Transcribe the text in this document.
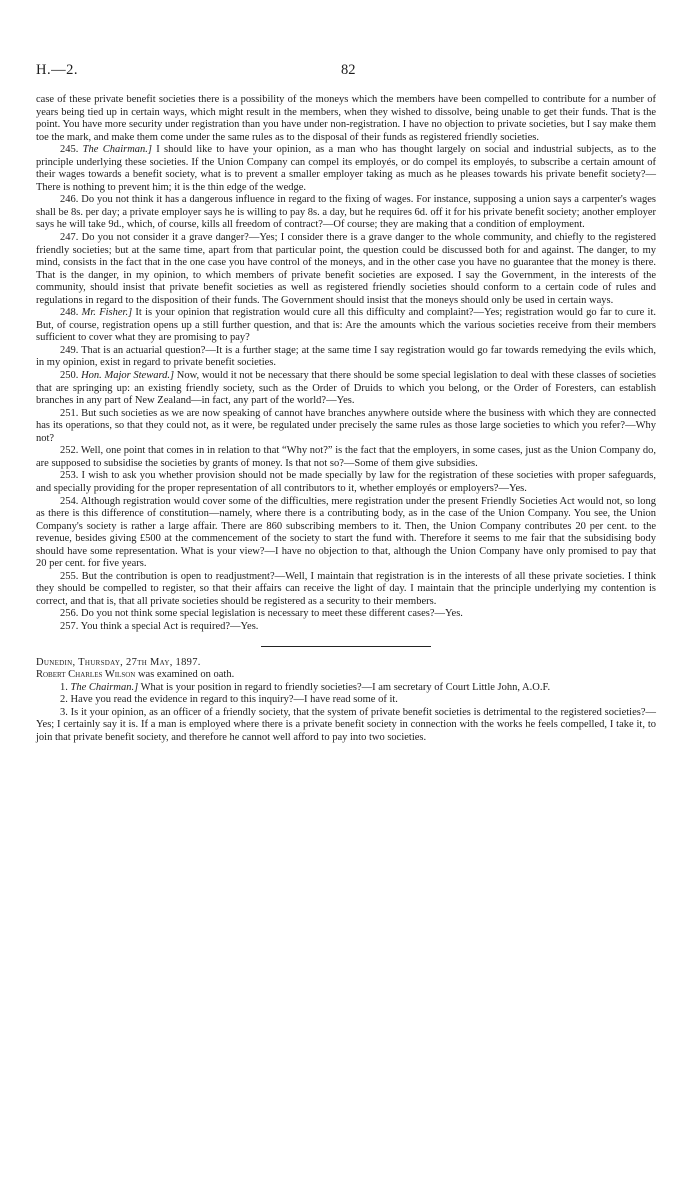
H.—2.	82

case of these private benefit societies there is a possibility of the moneys which the members have been compelled to contribute for a number of years being tied up in certain ways, which might result in the members, when they wished to dissolve, being unable to get their funds. That is the point. You have more security under registration than you have under non-registration. I have no objection to private societies, but I say make them toe the mark, and make them come under the same rules as to the disposal of their funds as registered friendly societies.

245. The Chairman.] I should like to have your opinion, as a man who has thought largely on social and industrial subjects, as to the principle underlying these societies. If the Union Company can compel its employés, or do compel its employés, to subscribe a certain amount of their wages towards a benefit society, what is to prevent a smaller employer taking as much as he pleases towards his private benefit society?—There is nothing to prevent him; it is the thin edge of the wedge.

246. Do you not think it has a dangerous influence in regard to the fixing of wages. For instance, supposing a union says a carpenter's wages shall be 8s. per day; a private employer says he is willing to pay 8s. a day, but he requires 6d. off it for his private benefit society; another employer says he will take 9d., which, of course, kills all freedom of contract?—Of course; they are making that a condition of employment.

247. Do you not consider it a grave danger?—Yes; I consider there is a grave danger to the whole community, and chiefly to the registered friendly societies; but at the same time, apart from that particular point, the question could be discussed both for and against. The danger, to my mind, consists in the fact that in the one case you have control of the moneys, and in the other case you have no guarantee that the money is there. That is the danger, in my opinion, to which members of private benefit societies are exposed. I say the Government, in the interests of the community, should insist that private benefit societies as well as registered friendly societies should conform to a certain code of rules and regulations in regard to the disposition of their funds. The Government should insist that the moneys should only be used in certain ways.

248. Mr. Fisher.] It is your opinion that registration would cure all this difficulty and complaint?—Yes; registration would go far to cure it. But, of course, registration opens up a still further question, and that is: Are the amounts which the various societies receive from their members sufficient to cover what they are promising to pay?

249. That is an actuarial question?—It is a further stage; at the same time I say registration would go far towards remedying the evils which, in my opinion, exist in regard to private benefit societies.

250. Hon. Major Steward.] Now, would it not be necessary that there should be some special legislation to deal with these classes of societies that are springing up: an existing friendly society, such as the Order of Druids to which you belong, or the Order of Foresters, can establish branches in any part of New Zealand—in fact, any part of the world?—Yes.

251. But such societies as we are now speaking of cannot have branches anywhere outside where the business with which they are connected has its operations, so that they could not, as it were, be regulated under precisely the same rules as those large societies to which you refer?—Why not?

252. Well, one point that comes in in relation to that “Why not?” is the fact that the employers, in some cases, just as the Union Company do, are supposed to subsidise the societies by grants of money. Is that not so?—Some of them give subsidies.

253. I wish to ask you whether provision should not be made specially by law for the registration of these societies with proper safeguards, and specially providing for the proper representation of all contributors to it, whether employés or employers?—Yes.

254. Although registration would cover some of the difficulties, mere registration under the present Friendly Societies Act would not, so long as there is this difference of constitution—namely, where there is a contributing body, as in the case of the Union Company. You see, the Union Company's society is rather a large affair. There are 860 subscribing members to it. Then, the Union Company contributes 20 per cent. to the revenue, besides giving £500 at the commencement of the society to start the fund with. Therefore it seems to me fair that the subsidising body should have some representation. What is your view?—I have no objection to that, although the Union Company have only promised to pay that 20 per cent. for five years.

255. But the contribution is open to readjustment?—Well, I maintain that registration is in the interests of all these private societies. I think they should be compelled to register, so that their affairs can receive the light of day. I maintain that the principle underlying my contention is correct, and that is, that all private societies should be registered as a security to their members.

256. Do you not think some special legislation is necessary to meet these different cases?—Yes.

257. You think a special Act is required?—Yes.

Dunedin, Thursday, 27th May, 1897.

Robert Charles Wilson was examined on oath.

1. The Chairman.] What is your position in regard to friendly societies?—I am secretary of Court Little John, A.O.F.

2. Have you read the evidence in regard to this inquiry?—I have read some of it.

3. Is it your opinion, as an officer of a friendly society, that the system of private benefit societies is detrimental to the registered societies?—Yes; I certainly say it is. If a man is employed where there is a private benefit society in connection with the works he feels compelled, I take it, to join that private benefit society, and therefore he cannot well afford to pay into two societies.
